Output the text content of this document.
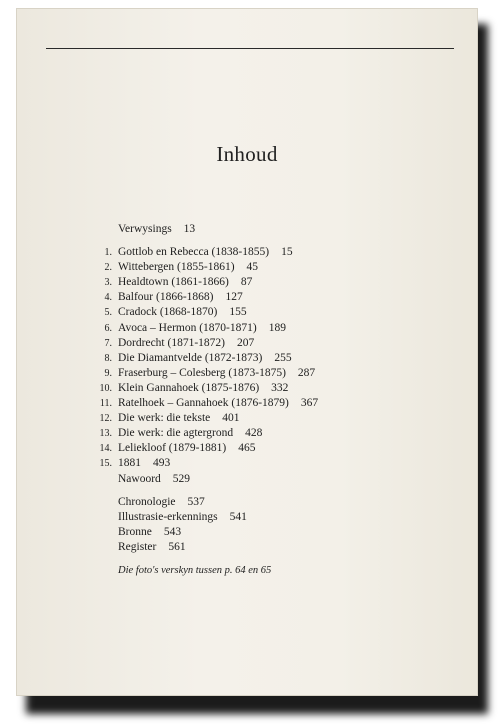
Inhoud
Verwysings 13
1. Gottlob en Rebecca (1838-1855) 15
2. Wittebergen (1855-1861) 45
3. Healdtown (1861-1866) 87
4. Balfour (1866-1868) 127
5. Cradock (1868-1870) 155
6. Avoca – Hermon (1870-1871) 189
7. Dordrecht (1871-1872) 207
8. Die Diamantvelde (1872-1873) 255
9. Fraserburg – Colesberg (1873-1875) 287
10. Klein Gannahoek (1875-1876) 332
11. Ratelhoek – Gannahoek (1876-1879) 367
12. Die werk: die tekste 401
13. Die werk: die agtergrond 428
14. Leliekloof (1879-1881) 465
15. 1881 493
Nawoord 529
Chronologie 537
Illustrasie-erkennings 541
Bronne 543
Register 561
Die foto's verskyn tussen p. 64 en 65
